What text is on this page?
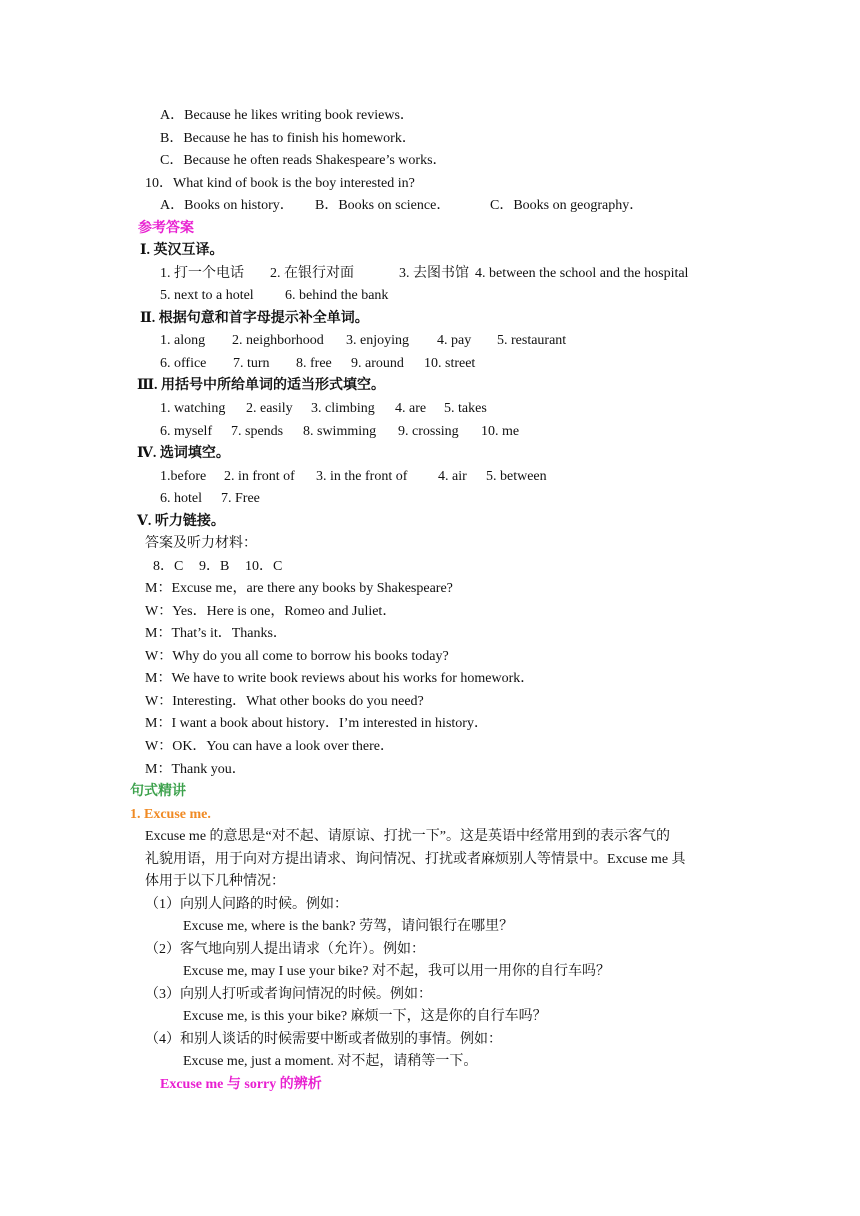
A．Because he likes writing book reviews．
B．Because he has to finish his homework．
C．Because he often reads Shakespeare’s works．
10．What kind of book is the boy interested in?
A．Books on history． B．Books on science．	C．Books on geography．
参考答案
Ⅰ. 英汉互译。
1. 打一个电话 2. 在银行对面	3. 去图书馆 4. between the school and the hospital
5. next to a hotel 6. behind the bank
Ⅱ. 根据句意和首字母提示补全单词。
1. along 2. neighborhood 3. enjoying 4. pay 5. restaurant
6. office 7. turn 8. free 9. around 10. street
Ⅲ. 用括号中所给单词的适当形式填空。
1. watching 2. easily 3. climbing 4. are 5. takes
6. myself 7. spends 8. swimming 9. crossing 10. me
Ⅳ. 选词填空。
1.before 2. in front of 3. in the front of 4. air 5. between
6. hotel 7. Free
Ⅴ. 听力链接。
答案及听力材料：
8．C 9．B 10．C
M：Excuse me，are there any books by Shakespeare?
W：Yes．Here is one，Romeo and Juliet．
M：That’s it．Thanks．
W：Why do you all come to borrow his books today?
M：We have to write book reviews about his works for homework．
W：Interesting．What other books do you need?
M：I want a book about history．I’m interested in history．
W：OK．You can have a look over there．
M：Thank you．
句式精讲
1. Excuse me.
Excuse me 的意思是“对不起、请原谅、打扰一下”。这是英语中经常用到的表示客气的
礼貌用语，用于向对方提出请求、询问情况、打扰或者麻烦别人等情景中。Excuse me 具
体用于以下几种情况：
（1）向别人问路的时候。例如：
Excuse me, where is the bank? 劳驾，请问银行在哪里？
（2）客气地向别人提出请求（允许）。例如：
Excuse me, may I use your bike? 对不起，我可以用一用你的自行车吗？
（3）向别人打听或者询问情况的时候。例如：
Excuse me, is this your bike? 麻烦一下，这是你的自行车吗？
（4）和别人谈话的时候需要中断或者做别的事情。例如：
Excuse me, just a moment. 对不起，请稍等一下。
Excuse me 与 sorry 的辨析
